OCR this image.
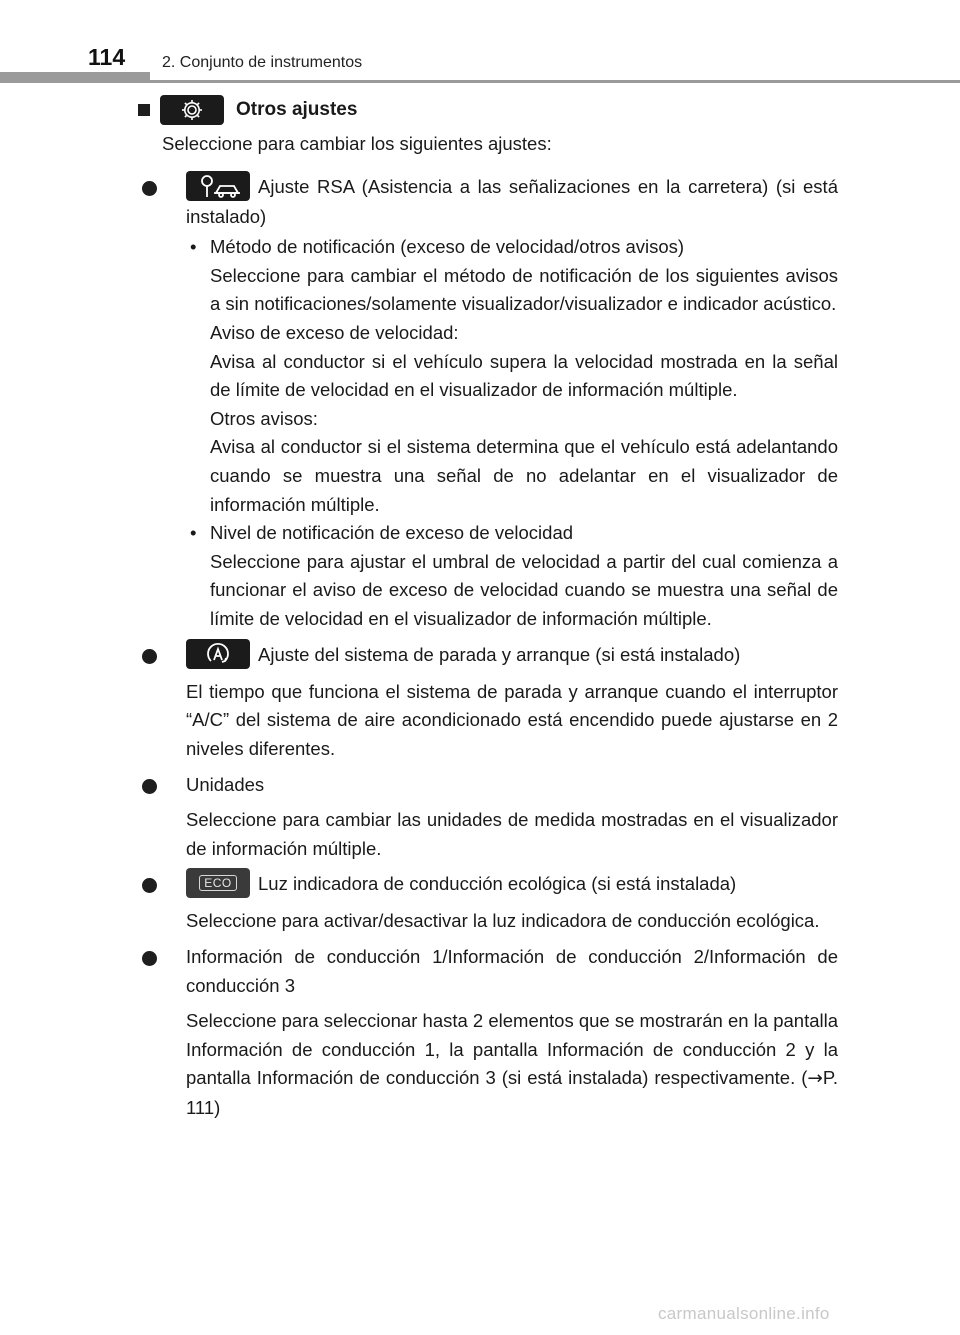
114 2. Conjunto de instrumentos
Otros ajustes

Seleccione para cambiar los siguientes ajustes:

Ajuste RSA (Asistencia a las señalizaciones en la carretera) (si está instalado)

• Método de notificación (exceso de velocidad/otros avisos)

Seleccione para cambiar el método de notificación de los siguientes avisos a sin notificaciones/solamente visualizador/visualizador e indicador acústico.

Aviso de exceso de velocidad:

Avisa al conductor si el vehículo supera la velocidad mostrada en la señal de límite de velocidad en el visualizador de información múltiple.

Otros avisos:

Avisa al conductor si el sistema determina que el vehículo está adelantando cuando se muestra una señal de no adelantar en el visualizador de información múltiple.

• Nivel de notificación de exceso de velocidad

Seleccione para ajustar el umbral de velocidad a partir del cual comienza a funcionar el aviso de exceso de velocidad cuando se muestra una señal de límite de velocidad en el visualizador de información múltiple.

Ajuste del sistema de parada y arranque (si está instalado)

El tiempo que funciona el sistema de parada y arranque cuando el interruptor “A/C” del sistema de aire acondicionado está encendido puede ajustarse en 2 niveles diferentes.

Unidades

Seleccione para cambiar las unidades de medida mostradas en el visualizador de información múltiple.

ECO Luz indicadora de conducción ecológica (si está instalada)

Seleccione para activar/desactivar la luz indicadora de conducción ecológica.

Información de conducción 1/Información de conducción 2/Información de conducción 3

Seleccione para seleccionar hasta 2 elementos que se mostrarán en la pantalla Información de conducción 1, la pantalla Información de conducción 2 y la pantalla Información de conducción 3 (si está instalada) respectivamente. (→P. 111)

carmanualsonline.info
